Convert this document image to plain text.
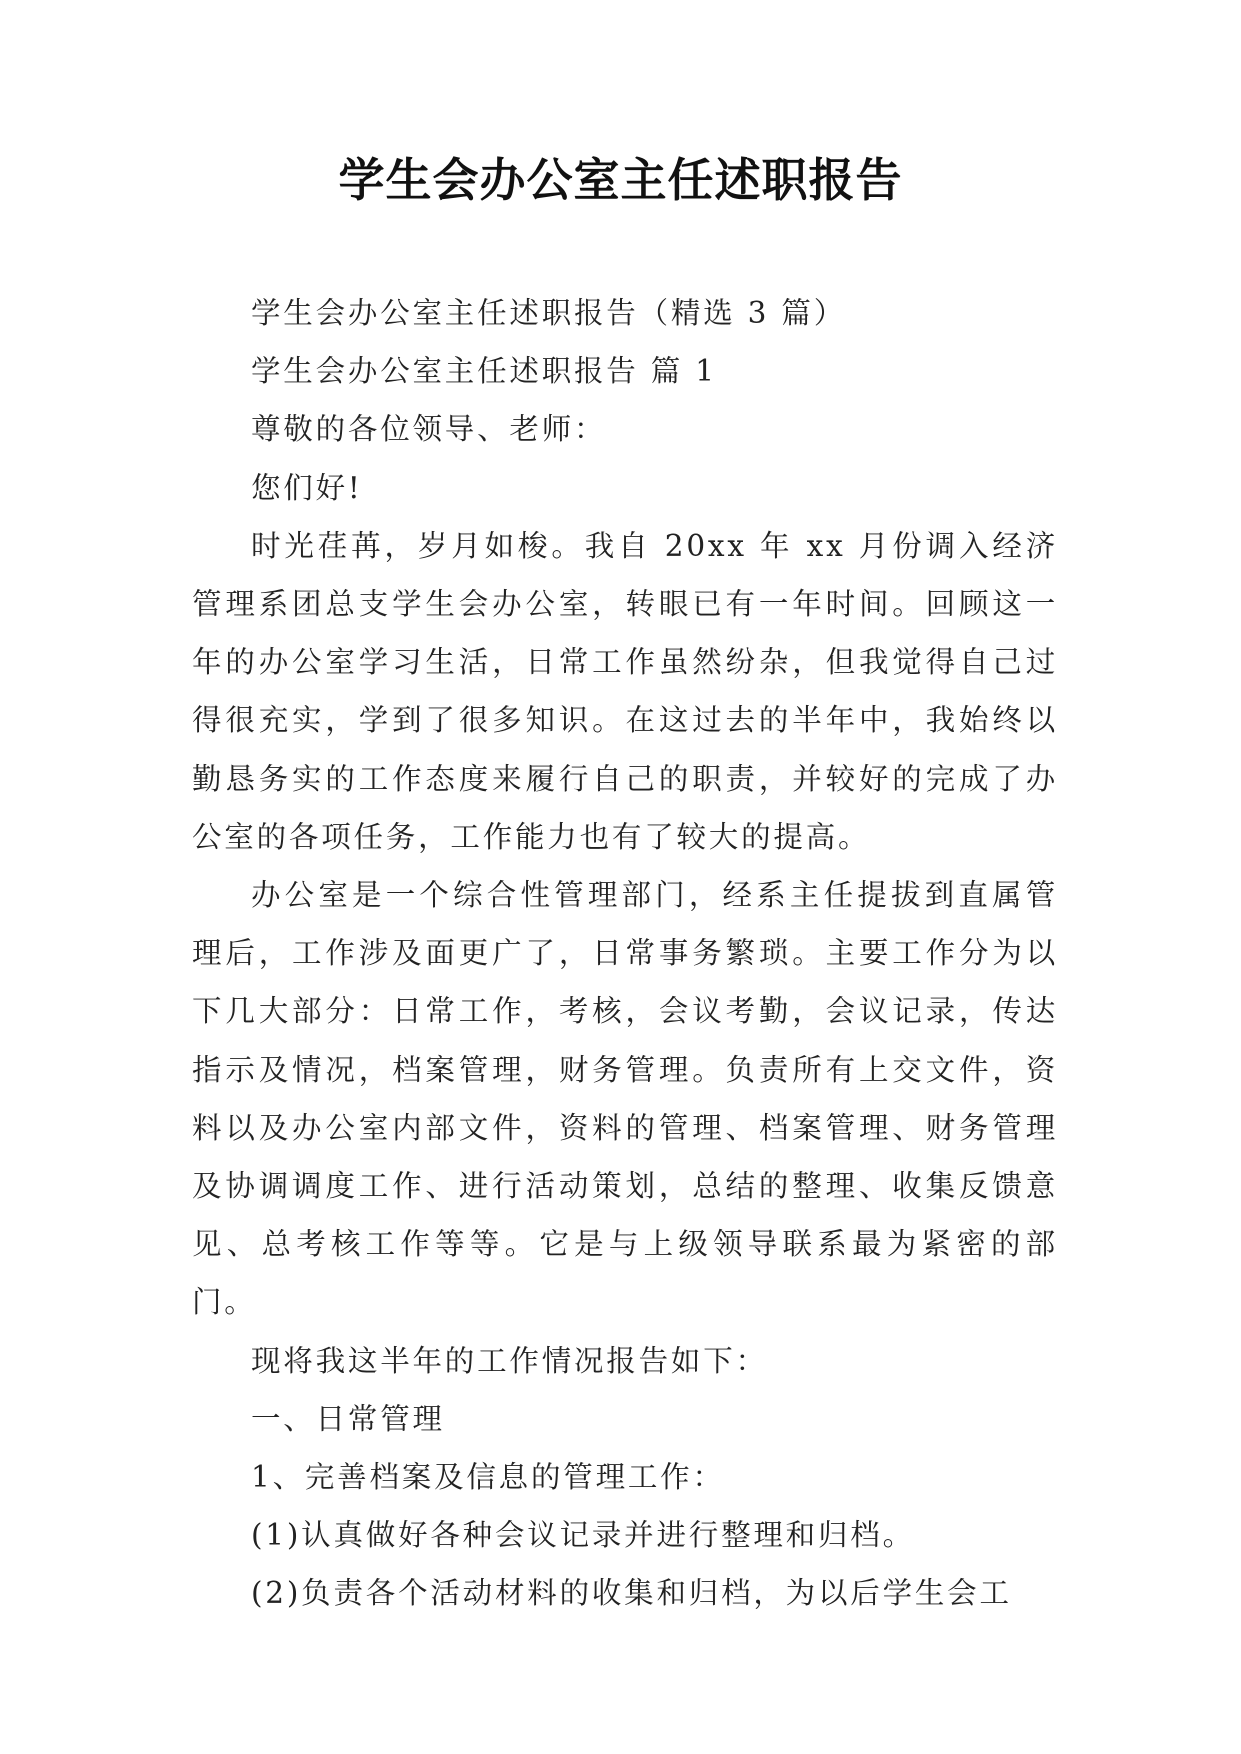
学生会办公室主任述职报告

学生会办公室主任述职报告（精选 3 篇）

学生会办公室主任述职报告 篇 1

尊敬的各位领导、老师：

您们好!

时光荏苒，岁月如梭。我自 20xx 年 xx 月份调入经济管理系团总支学生会办公室，转眼已有一年时间。回顾这一年的办公室学习生活，日常工作虽然纷杂，但我觉得自己过得很充实，学到了很多知识。在这过去的半年中，我始终以勤恳务实的工作态度来履行自己的职责，并较好的完成了办公室的各项任务，工作能力也有了较大的提高。

办公室是一个综合性管理部门，经系主任提拔到直属管理后，工作涉及面更广了，日常事务繁琐。主要工作分为以下几大部分：日常工作，考核，会议考勤，会议记录，传达指示及情况，档案管理，财务管理。负责所有上交文件，资料以及办公室内部文件，资料的管理、档案管理、财务管理及协调调度工作、进行活动策划，总结的整理、收集反馈意见、总考核工作等等。它是与上级领导联系最为紧密的部门。

现将我这半年的工作情况报告如下：

一、日常管理

1、完善档案及信息的管理工作：

(1)认真做好各种会议记录并进行整理和归档。

(2)负责各个活动材料的收集和归档，为以后学生会工
